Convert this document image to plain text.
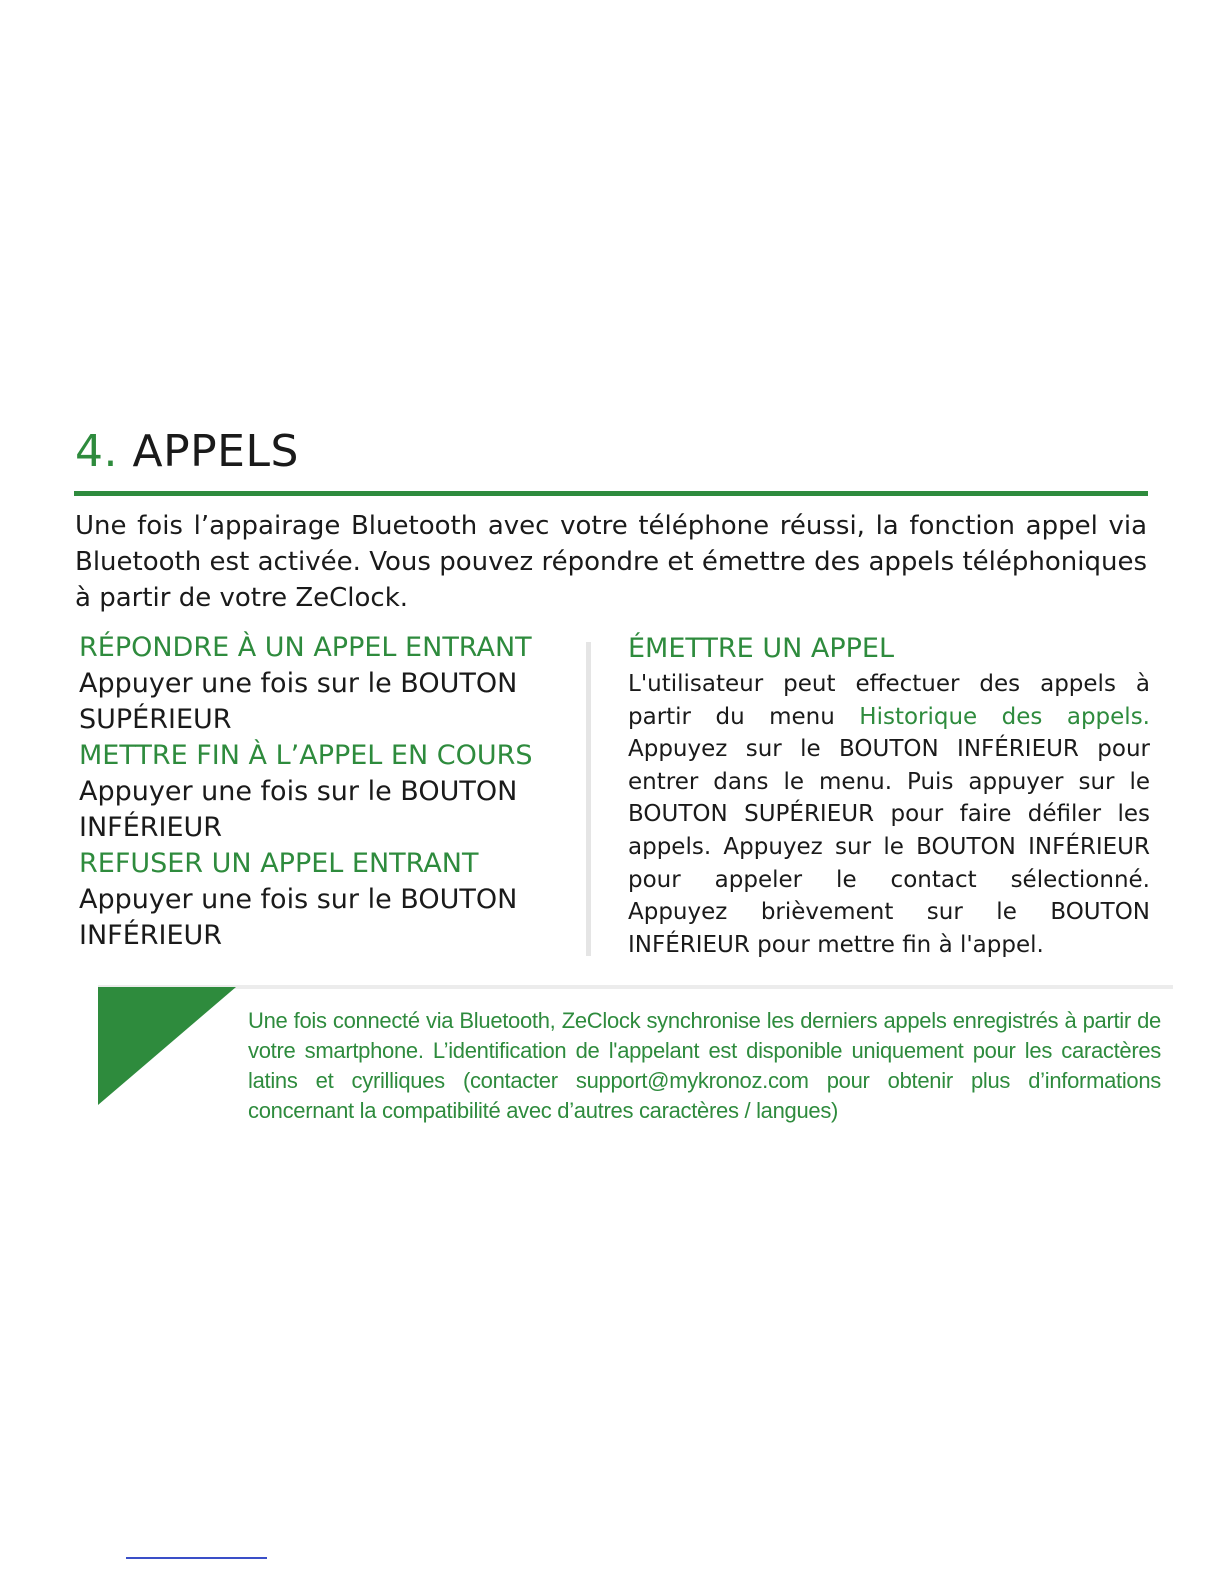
4. APPELS

Une fois l’appairage Bluetooth avec votre téléphone réussi, la fonction appel via Bluetooth est activée. Vous pouvez répondre et émettre des appels téléphoniques à partir de votre ZeClock.

RÉPONDRE À UN APPEL ENTRANT

Appuyer une fois sur le BOUTON SUPÉRIEUR

METTRE FIN À L’APPEL EN COURS

Appuyer une fois sur le BOUTON INFÉRIEUR

REFUSER UN APPEL ENTRANT

Appuyer une fois sur le BOUTON INFÉRIEUR

ÉMETTRE UN APPEL

L'utilisateur peut effectuer des appels à partir du menu Historique des appels. Appuyez sur le BOUTON INFÉRIEUR pour entrer dans le menu. Puis appuyer sur le BOUTON SUPÉRIEUR pour faire défiler les appels. Appuyez sur le BOUTON INFÉRIEUR pour appeler le contact sélectionné. Appuyez brièvement sur le BOUTON INFÉRIEUR pour mettre fin à l'appel.

Une fois connecté via Bluetooth, ZeClock synchronise les derniers appels enregistrés à partir de votre smartphone. L’identification de l'appelant est disponible uniquement pour les caractères latins et cyrilliques (contacter support@mykronoz.com pour obtenir plus d’informations concernant la compatibilité avec d’autres caractères / langues)
